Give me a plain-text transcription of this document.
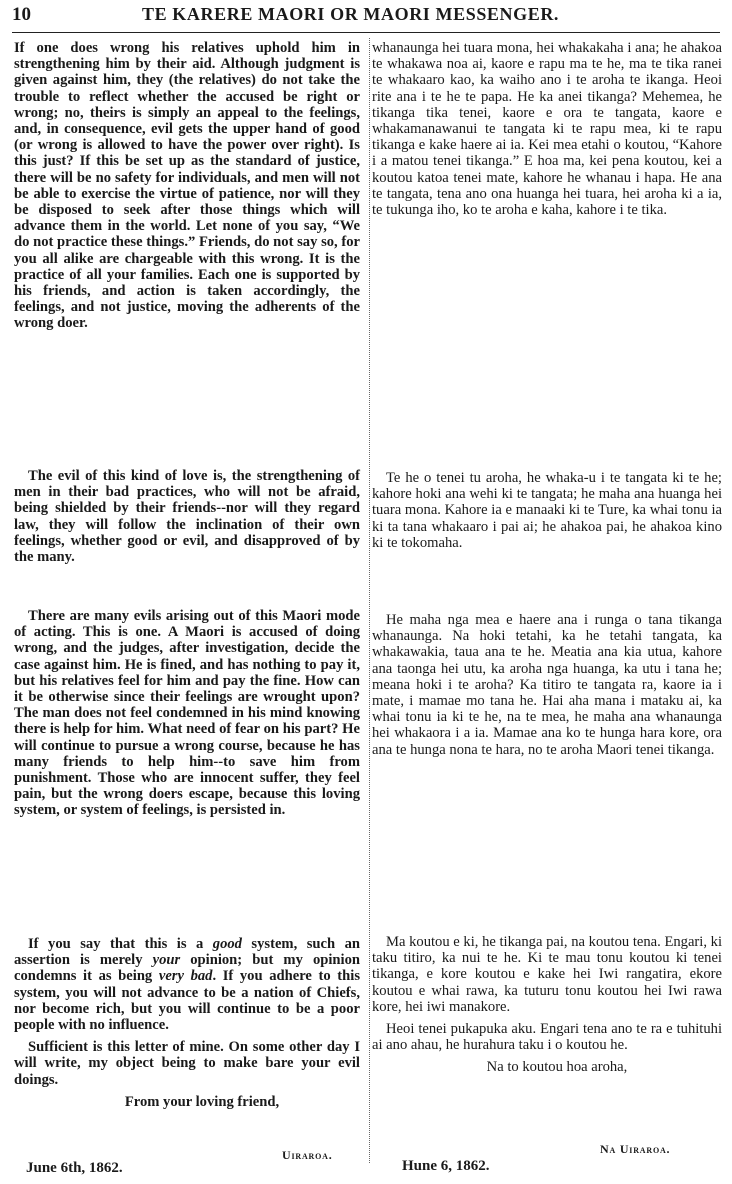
10	TE KARERE MAORI OR MAORI MESSENGER.

If one does wrong his relatives uphold him in strengthening him by their aid. Although judgment is given against him, they (the relatives) do not take the trouble to reflect whether the accused be right or wrong; no, theirs is simply an appeal to the feelings, and, in consequence, evil gets the upper hand of good (or wrong is allowed to have the power over right). Is this just? If this be set up as the standard of justice, there will be no safety for individuals, and men will not be able to exercise the virtue of patience, nor will they be disposed to seek after those things which will advance them in the world. Let none of you say, “We do not practice these things.” Friends, do not say so, for you all alike are chargeable with this wrong. It is the practice of all your families. Each one is supported by his friends, and action is taken accordingly, the feelings, and not justice, moving the adherents of the wrong doer.

The evil of this kind of love is, the strengthening of men in their bad practices, who will not be afraid, being shielded by their friends--nor will they regard law, they will follow the inclination of their own feelings, whether good or evil, and disapproved of by the many.

There are many evils arising out of this Maori mode of acting. This is one. A Maori is accused of doing wrong, and the judges, after investigation, decide the case against him. He is fined, and has nothing to pay it, but his relatives feel for him and pay the fine. How can it be otherwise since their feelings are wrought upon? The man does not feel condemned in his mind knowing there is help for him. What need of fear on his part? He will continue to pursue a wrong course, because he has many friends to help him--to save him from punishment. Those who are innocent suffer, they feel pain, but the wrong doers escape, because this loving system, or system of feelings, is persisted in.

If you say that this is a good system, such an assertion is merely your opinion; but my opinion condemns it as being very bad. If you adhere to this system, you will not advance to be a nation of Chiefs, nor become rich, but you will continue to be a poor people with no influence.

Sufficient is this letter of mine. On some other day I will write, my object being to make bare your evil doings.

From your loving friend,

Uiraroa.
June 6th, 1862.

whanaunga hei tuara mona, hei whakakaha i ana; he ahakoa te whakawa noa ai, kaore e rapu ma te he, ma te tika ranei te whakaaro kao, ka waiho ano i te aroha te ikanga. Heoi rite ana i te he te papa. He ka anei tikanga? Mehemea, he tikanga tika tenei, kaore e ora te tangata, kaore e whakamanawanui te tangata ki te rapu mea, ki te rapu tikanga e kake haere ai ia. Kei mea etahi o koutou, “Kahore i a matou tenei tikanga.” E hoa ma, kei pena koutou, kei a koutou katoa tenei mate, kahore he whanau i hapa. He ana te tangata, tena ano ona huanga hei tuara, hei aroha ki a ia, te tukunga iho, ko te aroha e kaha, kahore i te tika.

Te he o tenei tu aroha, he whaka-u i te tangata ki te he; kahore hoki ana wehi ki te tangata; he maha ana huanga hei tuara mona. Kahore ia e manaaki ki te Ture, ka whai tonu ia ki ta tana whakaaro i pai ai; he ahakoa pai, he ahakoa kino ki te tokomaha.

He maha nga mea e haere ana i runga o tana tikanga whanaunga. Na hoki tetahi, ka he tetahi tangata, ka whakawakia, taua ana te he. Meatia ana kia utua, kahore ana taonga hei utu, ka aroha nga huanga, ka utu i tana he; meana hoki i te aroha? Ka titiro te tangata ra, kaore ia i mate, i mamae mo tana he. Hai aha mana i mataku ai, ka whai tonu ia ki te he, na te mea, he maha ana whanaunga hei whakaora i a ia. Mamae ana ko te hunga hara kore, ora ana te hunga nona te hara, no te aroha Maori tenei tikanga.

Ma koutou e ki, he tikanga pai, na koutou tena. Engari, ki taku titiro, ka nui te he. Ki te mau tonu koutou ki tenei tikanga, e kore koutou e kake hei Iwi rangatira, ekore koutou e whai rawa, ka tuturu tonu koutou hei Iwi rawa kore, hei iwi manakore.

Heoi tenei pukapuka aku. Engari tena ano te ra e tuhituhi ai ano ahau, he hurahura taku i o koutou he.

Na to koutou hoa aroha,

Na Uiraroa.
Hune 6, 1862.
